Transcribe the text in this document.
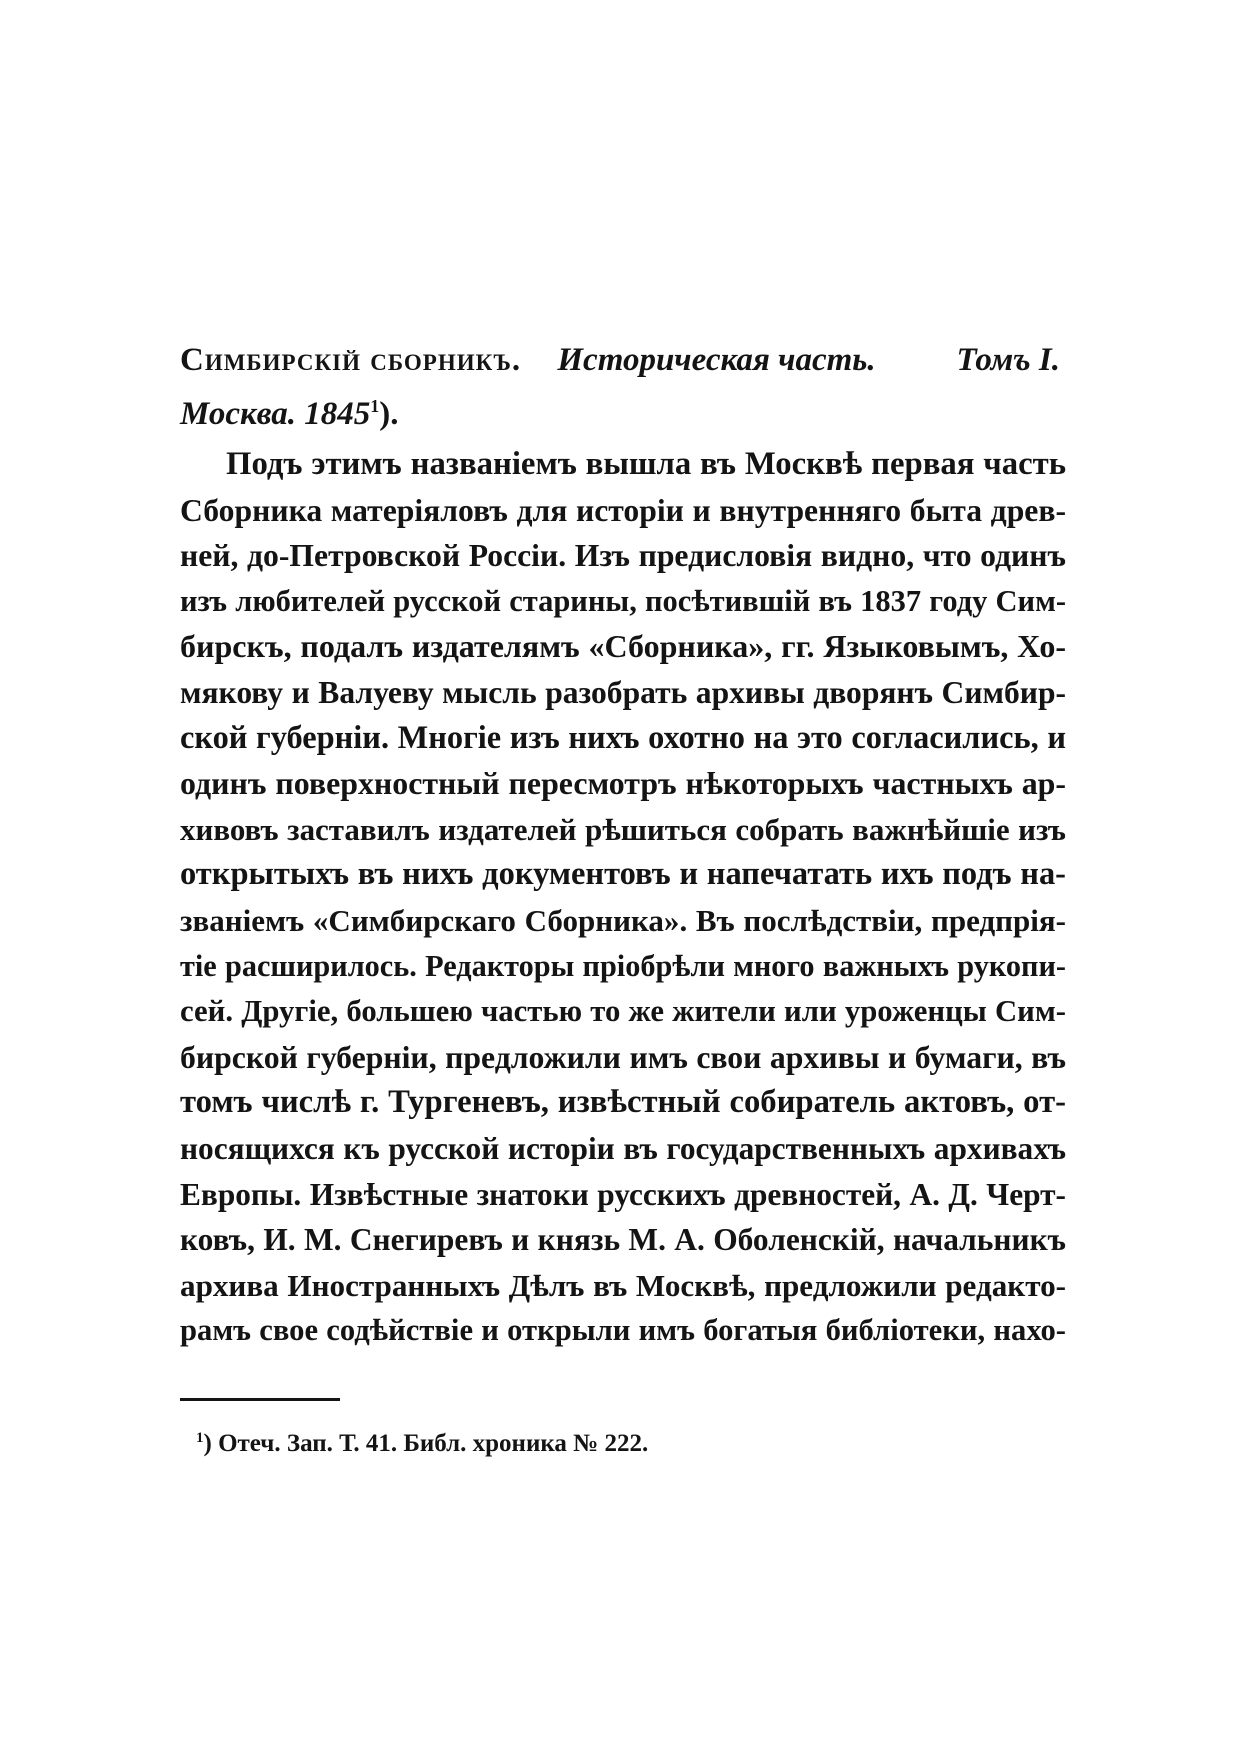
Симбирскій сборникъ. Историческая часть. Томъ I.

Москва. 1845$^1$).
Подъ этимъ названіемъ вышла въ Москвѣ первая часть
Сборника матеріяловъ для исторіи и внутренняго быта древ-
ней, до-Петровской Россіи. Изъ предисловія видно, что одинъ
изъ любителей русской старины, посѣтившій въ 1837 году Сим-
бирскъ, подалъ издателямъ «Сборника», гг. Языковымъ, Хо-
мякову и Валуеву мысль разобрать архивы дворянъ Симбир-
ской губерніи. Многіе изъ нихъ охотно на это согласились, и
одинъ поверхностный пересмотръ нѣкоторыхъ частныхъ ар-
хивовъ заставилъ издателей рѣшиться собрать важнѣйшіе изъ
открытыхъ въ нихъ документовъ и напечатать ихъ подъ на-
званіемъ «Симбирскаго Сборника». Въ послѣдствіи, предпрія-
тіе расширилось. Редакторы пріобрѣли много важныхъ рукопи-
сей. Другіе, большею частью то же жители или уроженцы Сим-
бирской губерніи, предложили имъ свои архивы и бумаги, въ
томъ числѣ г. Тургеневъ, извѣстный собиратель актовъ, от-
носящихся къ русской исторіи въ государственныхъ архивахъ
Европы. Извѣстные знатоки русскихъ древностей, А. Д. Черт-
ковъ, И. М. Снегиревъ и князь М. А. Оболенскій, начальникъ
архива Иностранныхъ Дѣлъ въ Москвѣ, предложили редакто-
рамъ свое содѣйствіе и открыли имъ богатыя библіотеки, нахо-
$^1$) Отеч. Зап. Т. 41. Библ. хроника № 222.
